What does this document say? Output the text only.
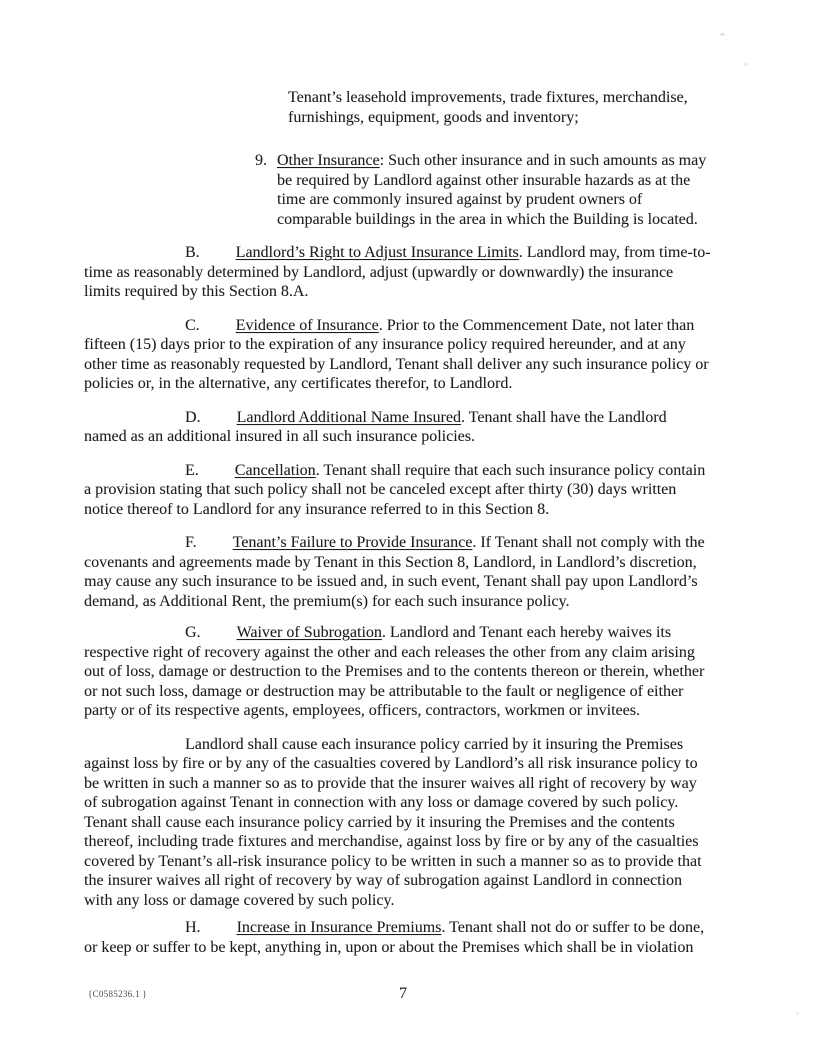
Tenant’s leasehold improvements, trade fixtures, merchandise, furnishings, equipment, goods and inventory;
9. Other Insurance: Such other insurance and in such amounts as may be required by Landlord against other insurable hazards as at the time are commonly insured against by prudent owners of comparable buildings in the area in which the Building is located.

B. Landlord’s Right to Adjust Insurance Limits. Landlord may, from time-to-time as reasonably determined by Landlord, adjust (upwardly or downwardly) the insurance limits required by this Section 8.A.

C. Evidence of Insurance. Prior to the Commencement Date, not later than fifteen (15) days prior to the expiration of any insurance policy required hereunder, and at any other time as reasonably requested by Landlord, Tenant shall deliver any such insurance policy or policies or, in the alternative, any certificates therefor, to Landlord.

D. Landlord Additional Name Insured. Tenant shall have the Landlord named as an additional insured in all such insurance policies.

E. Cancellation. Tenant shall require that each such insurance policy contain a provision stating that such policy shall not be canceled except after thirty (30) days written notice thereof to Landlord for any insurance referred to in this Section 8.

F. Tenant’s Failure to Provide Insurance. If Tenant shall not comply with the covenants and agreements made by Tenant in this Section 8, Landlord, in Landlord’s discretion, may cause any such insurance to be issued and, in such event, Tenant shall pay upon Landlord’s demand, as Additional Rent, the premium(s) for each such insurance policy.

G. Waiver of Subrogation. Landlord and Tenant each hereby waives its respective right of recovery against the other and each releases the other from any claim arising out of loss, damage or destruction to the Premises and to the contents thereon or therein, whether or not such loss, damage or destruction may be attributable to the fault or negligence of either party or of its respective agents, employees, officers, contractors, workmen or invitees.

Landlord shall cause each insurance policy carried by it insuring the Premises against loss by fire or by any of the casualties covered by Landlord’s all risk insurance policy to be written in such a manner so as to provide that the insurer waives all right of recovery by way of subrogation against Tenant in connection with any loss or damage covered by such policy. Tenant shall cause each insurance policy carried by it insuring the Premises and the contents thereof, including trade fixtures and merchandise, against loss by fire or by any of the casualties covered by Tenant’s all-risk insurance policy to be written in such a manner so as to provide that the insurer waives all right of recovery by way of subrogation against Landlord in connection with any loss or damage covered by such policy.

H. Increase in Insurance Premiums. Tenant shall not do or suffer to be done, or keep or suffer to be kept, anything in, upon or about the Premises which shall be in violation

{C0585236.1 }	7
